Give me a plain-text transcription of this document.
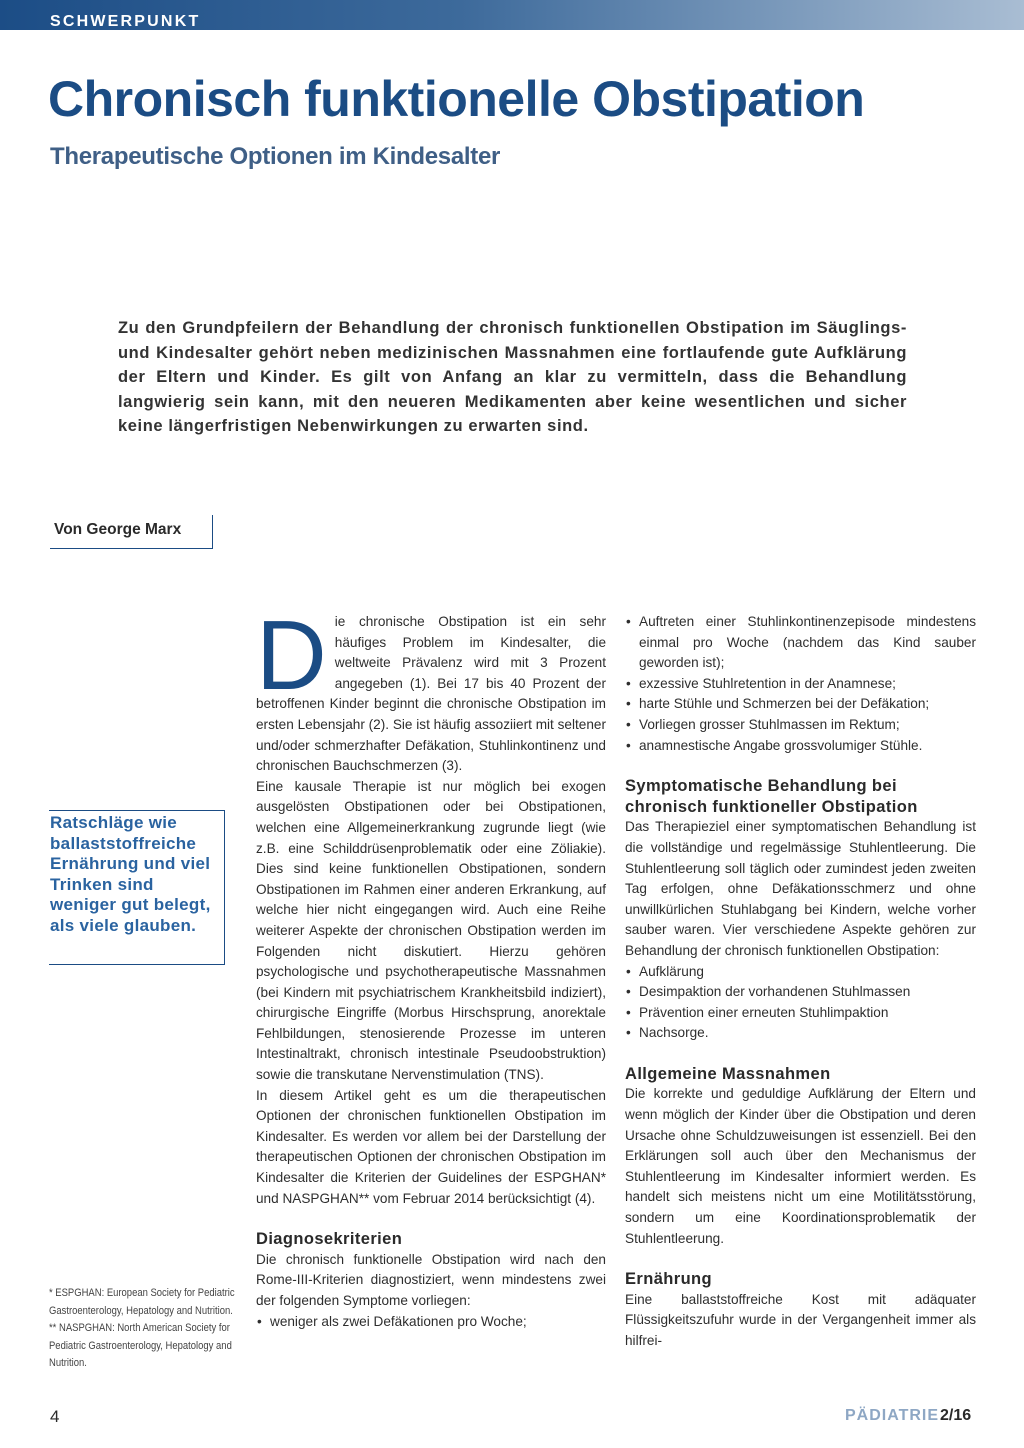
SCHWERPUNKT
Chronisch funktionelle Obstipation
Therapeutische Optionen im Kindesalter

Zu den Grundpfeilern der Behandlung der chronisch funktionellen Obstipation im Säuglings- und Kindesalter gehört neben medizinischen Massnahmen eine fortlaufende gute Aufklärung der Eltern und Kinder. Es gilt von Anfang an klar zu vermitteln, dass die Behandlung langwierig sein kann, mit den neueren Medikamenten aber keine wesentlichen und sicher keine längerfristigen Nebenwirkungen zu erwarten sind.

Von George Marx
Ratschläge wie ballaststoffreiche Ernährung und viel Trinken sind weniger gut belegt, als viele glauben.
* ESPGHAN: European Society for Pediatric
Gastroenterology, Hepatology and Nutrition.
** NASPGHAN: North American Society for
Pediatric Gastroenterology, Hepatology and
Nutrition.

Die chronische Obstipation ist ein sehr häufiges Problem im Kindesalter, die weltweite Prävalenz wird mit 3 Prozent angegeben (1). Bei 17 bis 40 Prozent der betroffenen Kinder beginnt die chronische Obstipation im ersten Lebensjahr (2). Sie ist häufig assoziiert mit seltener und/oder schmerzhafter Defäkation, Stuhlinkontinenz und chronischen Bauchschmerzen (3).

Eine kausale Therapie ist nur möglich bei exogen ausgelösten Obstipationen oder bei Obstipationen, welchen eine Allgemeinerkrankung zugrunde liegt (wie z.B. eine Schilddrüsenproblematik oder eine Zöliakie). Dies sind keine funktionellen Obstipationen, sondern Obstipationen im Rahmen einer anderen Erkrankung, auf welche hier nicht eingegangen wird. Auch eine Reihe weiterer Aspekte der chronischen Obstipation werden im Folgenden nicht diskutiert. Hierzu gehören psychologische und psychotherapeutische Massnahmen (bei Kindern mit psychiatrischem Krankheitsbild indiziert), chirurgische Eingriffe (Morbus Hirschsprung, anorektale Fehlbildungen, stenosierende Prozesse im unteren Intestinaltrakt, chronisch intestinale Pseudoobstruktion) sowie die transkutane Nervenstimulation (TNS).

In diesem Artikel geht es um die therapeutischen Optionen der chronischen funktionellen Obstipation im Kindesalter. Es werden vor allem bei der Darstellung der therapeutischen Optionen der chronischen Obstipation im Kindesalter die Kriterien der Guidelines der ESPGHAN* und NASPGHAN** vom Februar 2014 berücksichtigt (4).

Diagnosekriterien

Die chronisch funktionelle Obstipation wird nach den Rome-III-Kriterien diagnostiziert, wenn mindestens zwei der folgenden Symptome vorliegen:

• weniger als zwei Defäkationen pro Woche;
• Auftreten einer Stuhlinkontinenzepisode mindestens einmal pro Woche (nachdem das Kind sauber geworden ist);
• exzessive Stuhlretention in der Anamnese;
• harte Stühle und Schmerzen bei der Defäkation;
• Vorliegen grosser Stuhlmassen im Rektum;
• anamnestische Angabe grossvolumiger Stühle.
Symptomatische Behandlung bei chronisch funktioneller Obstipation

Das Therapieziel einer symptomatischen Behandlung ist die vollständige und regelmässige Stuhlentleerung. Die Stuhlentleerung soll täglich oder zumindest jeden zweiten Tag erfolgen, ohne Defäkationsschmerz und ohne unwillkürlichen Stuhlabgang bei Kindern, welche vorher sauber waren. Vier verschiedene Aspekte gehören zur Behandlung der chronisch funktionellen Obstipation:

• Aufklärung
• Desimpaktion der vorhandenen Stuhlmassen
• Prävention einer erneuten Stuhlimpaktion
• Nachsorge.
Allgemeine Massnahmen

Die korrekte und geduldige Aufklärung der Eltern und wenn möglich der Kinder über die Obstipation und deren Ursache ohne Schuldzuweisungen ist essenziell. Bei den Erklärungen soll auch über den Mechanismus der Stuhlentleerung im Kindesalter informiert werden. Es handelt sich meistens nicht um eine Motilitätsstörung, sondern um eine Koordinationsproblematik der Stuhlentleerung.

Ernährung

Eine ballaststoffreiche Kost mit adäquater Flüssigkeitszufuhr wurde in der Vergangenheit immer als hilfrei-

4	PÄDIATRIE 2/16
